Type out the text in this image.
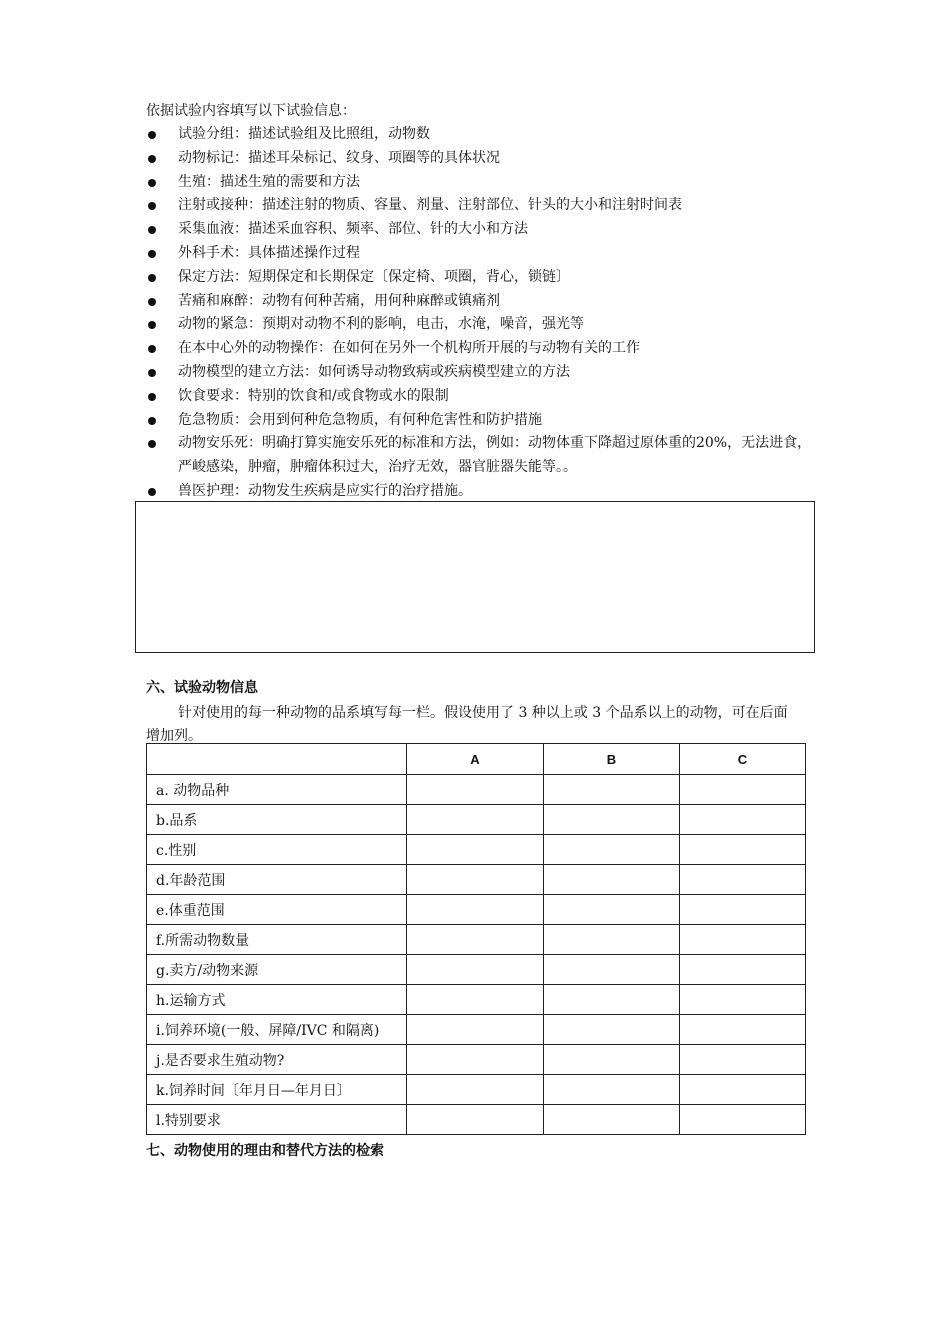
依据试验内容填写以下试验信息：
试验分组：描述试验组及比照组，动物数
动物标记：描述耳朵标记、纹身、项圈等的具体状况
生殖：描述生殖的需要和方法
注射或接种：描述注射的物质、容量、剂量、注射部位、针头的大小和注射时间表
采集血液：描述采血容积、频率、部位、针的大小和方法
外科手术：具体描述操作过程
保定方法：短期保定和长期保定〔保定椅、项圈，背心，锁链〕
苦痛和麻醉：动物有何种苦痛，用何种麻醉或镇痛剂
动物的紧急：预期对动物不利的影响，电击，水淹，噪音，强光等
在本中心外的动物操作：在如何在另外一个机构所开展的与动物有关的工作
动物模型的建立方法：如何诱导动物致病或疾病模型建立的方法
饮食要求：特别的饮食和/或食物或水的限制
危急物质：会用到何种危急物质，有何种危害性和防护措施
动物安乐死：明确打算实施安乐死的标准和方法，例如：动物体重下降超过原体重的20%，无法进食，严峻感染，肿瘤，肿瘤体积过大，治疗无效，器官脏器失能等。。
兽医护理：动物发生疾病是应实行的治疗措施。
六、试验动物信息
针对使用的每一种动物的品系填写每一栏。假设使用了 3 种以上或 3 个品系以上的动物，可在后面增加列。
	A	B	C
a. 动物品种			
b.品系			
c.性别			
d.年龄范围			
e.体重范围			
f.所需动物数量			
g.卖方/动物来源			
h.运输方式			
i.饲养环境(一般、屏障/IVC 和隔离)			
j.是否要求生殖动物?			
k.饲养时间〔年月日—年月日〕			
l.特别要求			
七、动物使用的理由和替代方法的检索
